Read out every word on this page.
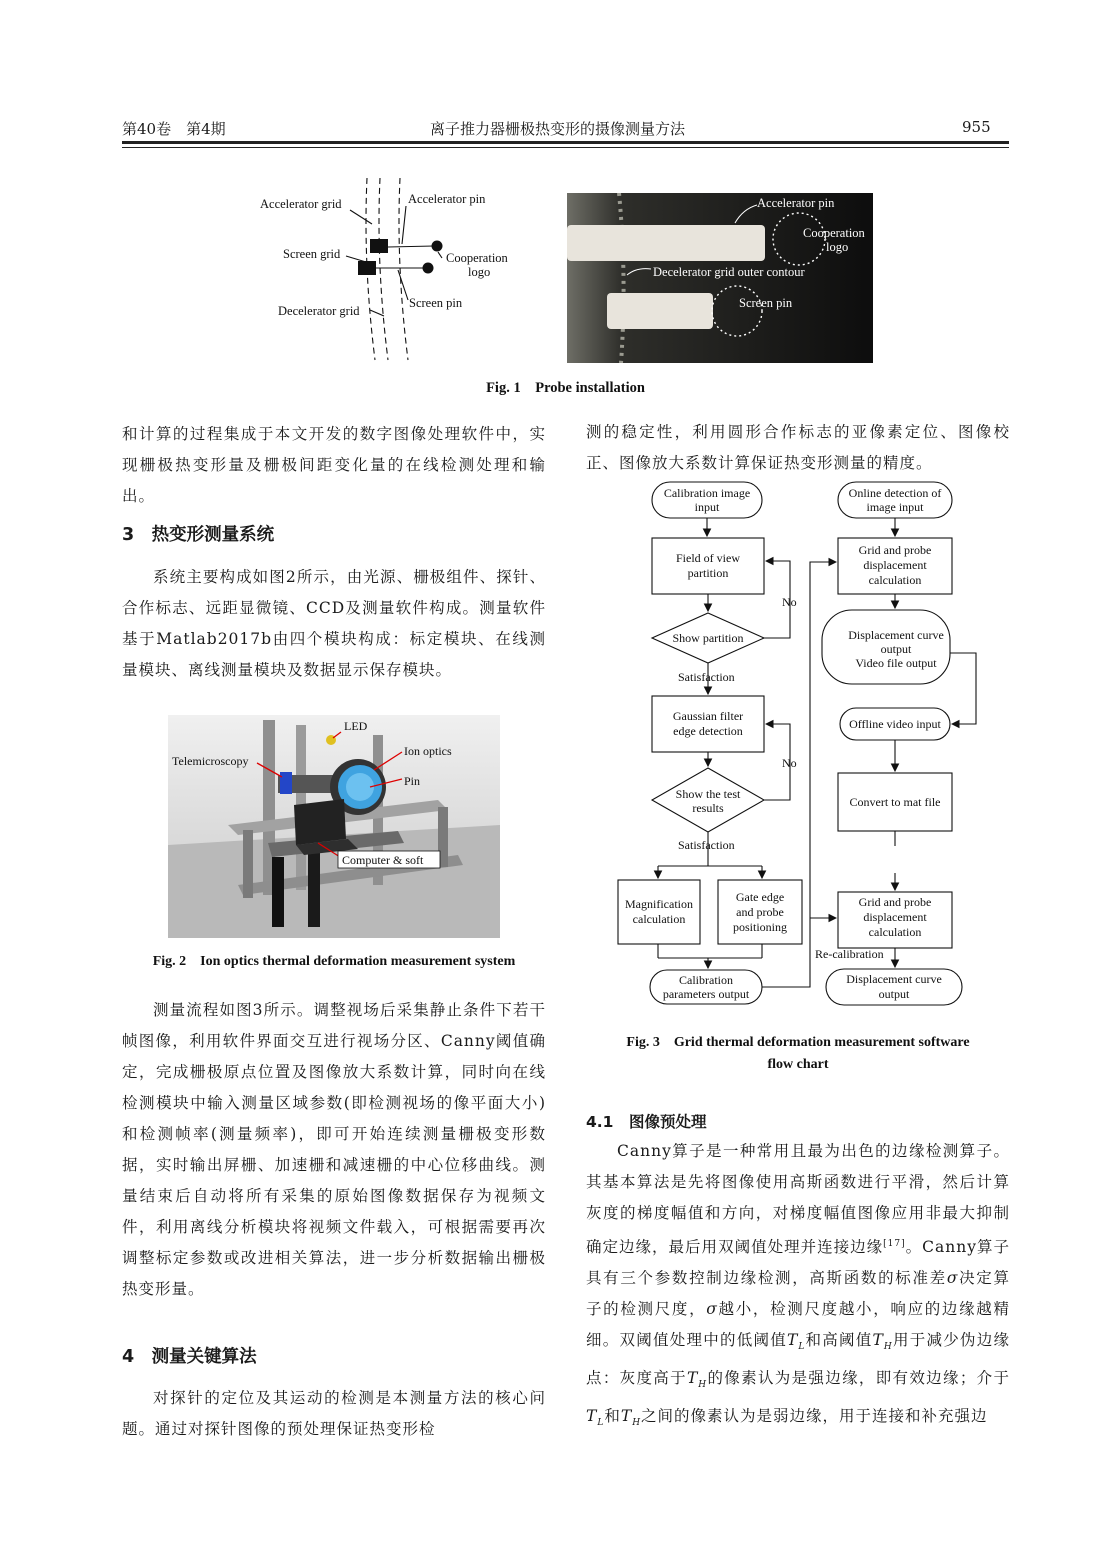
第40卷　第4期	离子推力器栅极热变形的摄像测量方法	955
Accelerator grid	Accelerator pin
Screen grid	Cooperation
logo
Screen pin
Decelerator grid
Accelerator pin
Cooperation
logo
Decelerator grid outer contour
Screen pin
Fig. 1　Probe installation

和计算的过程集成于本文开发的数字图像处理软件中，实现栅极热变形量及栅极间距变化量的在线检测处理和输出。

3　热变形测量系统

系统主要构成如图2所示，由光源、栅极组件、探针、合作标志、远距显微镜、CCD及测量软件构成。测量软件基于Matlab2017b由四个模块构成：标定模块、在线测量模块、离线测量模块及数据显示保存模块。

LED
Telemicroscopy
Ion optics
Pin
Computer & soft
Fig. 2　Ion optics thermal deformation measurement system

测量流程如图3所示。调整视场后采集静止条件下若干帧图像，利用软件界面交互进行视场分区、Canny阈值确定，完成栅极原点位置及图像放大系数计算，同时向在线检测模块中输入测量区域参数(即检测视场的像平面大小)和检测帧率(测量频率)，即可开始连续测量栅极变形数据，实时输出屏栅、加速栅和减速栅的中心位移曲线。测量结束后自动将所有采集的原始图像数据保存为视频文件，利用离线分析模块将视频文件载入，可根据需要再次调整标定参数或改进相关算法，进一步分析数据输出栅极热变形量。

4　测量关键算法

对探针的定位及其运动的检测是本测量方法的核心问题。通过对探针图像的预处理保证热变形检

测的稳定性，利用圆形合作标志的亚像素定位、图像校正、图像放大系数计算保证热变形测量的精度。

Calibration image
input
Field of view
partition
Show partition
No
Satisfaction
Gaussian filter
edge detection
Show the test
results
No
Satisfaction
Magnification
calculation
Gate edge
and probe
positioning
Calibration
parameters output
Online detection of
image input
Grid and probe
displacement
calculation
Displacement curve
output
Video file output
Offline video input
Convert to mat file
Grid and probe
displacement
calculation
Re-calibration
Displacement curve
output
Fig. 3　Grid thermal deformation measurement software
flow chart
4.1　图像预处理

Canny算子是一种常用且最为出色的边缘检测算子。其基本算法是先将图像使用高斯函数进行平滑，然后计算灰度的梯度幅值和方向，对梯度幅值图像应用非最大抑制确定边缘，最后用双阈值处理并连接边缘[17]。Canny算子具有三个参数控制边缘检测，高斯函数的标准差σ决定算子的检测尺度，σ越小，检测尺度越小，响应的边缘越精细。双阈值处理中的低阈值$T_L$和高阈值$T_H$用于减少伪边缘点：灰度高于$T_H$的像素认为是强边缘，即有效边缘；介于$T_L$和$T_H$之间的像素认为是弱边缘，用于连接和补充强边
